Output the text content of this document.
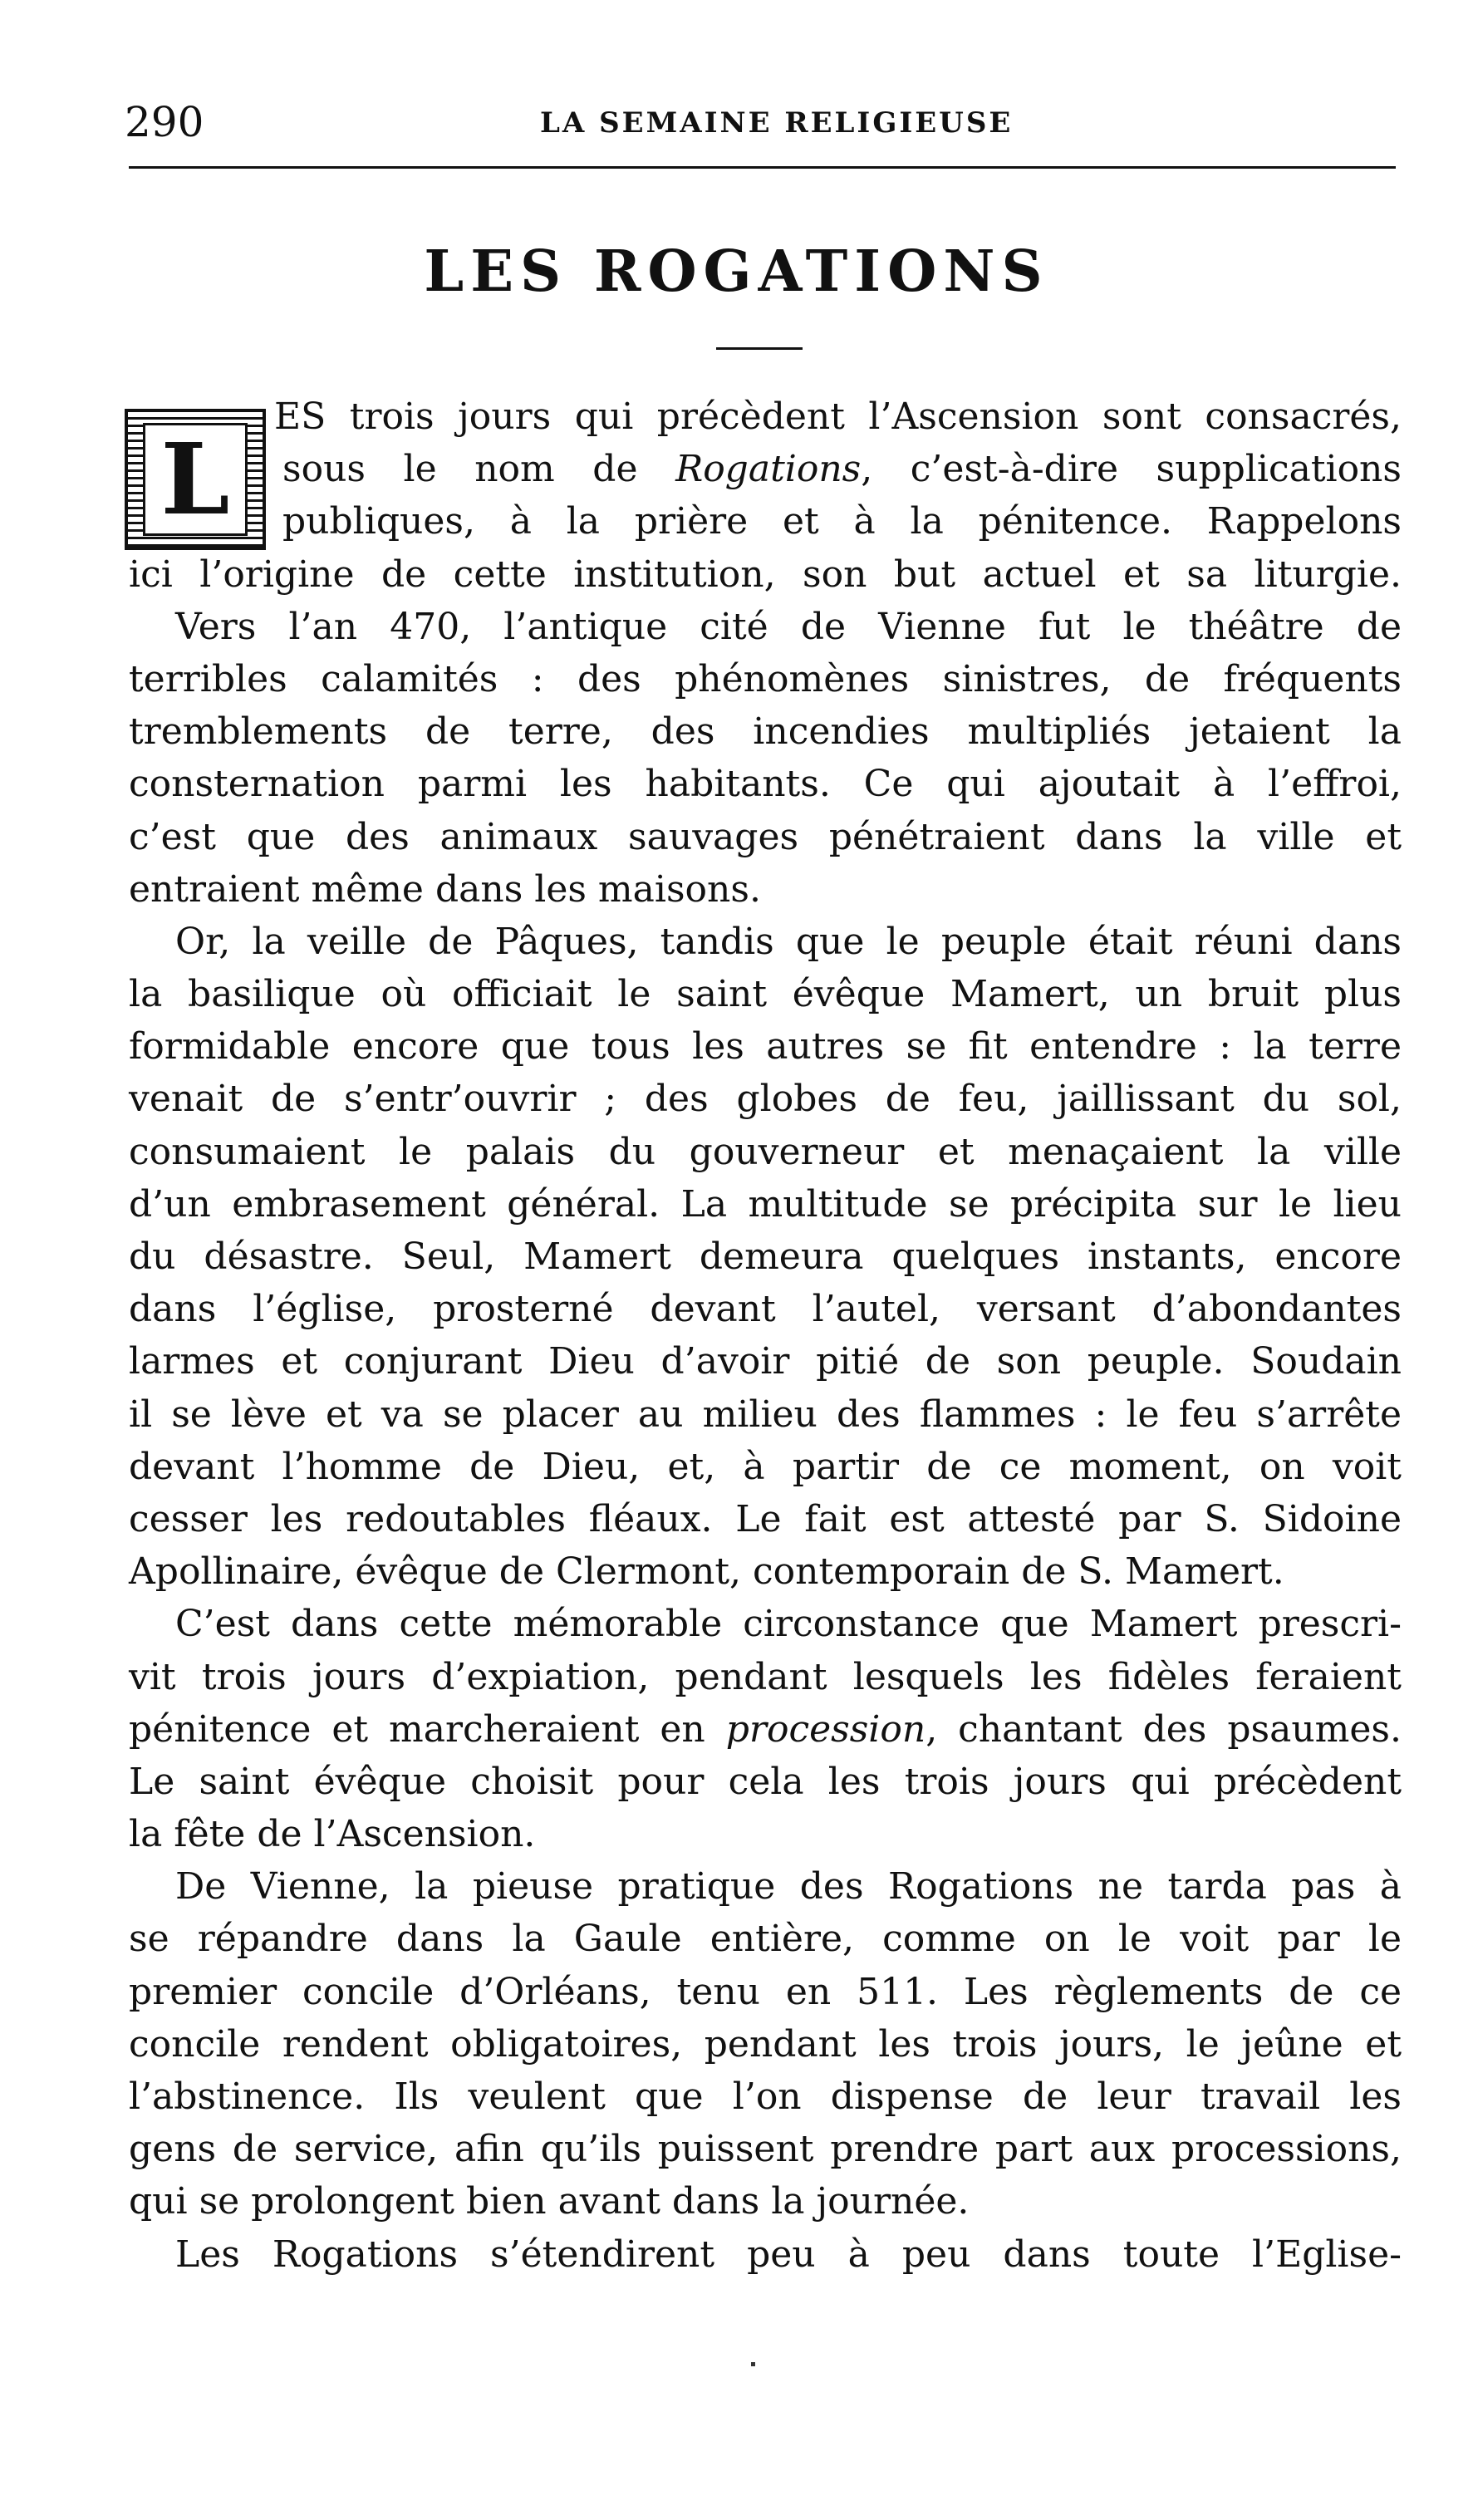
290	LA SEMAINE RELIGIEUSE
LES ROGATIONS
L
ES trois jours qui précèdent l’Ascension sont consacrés,
sous le nom de Rogations, c’est-à-dire supplications
publiques, à la prière et à la pénitence. Rappelons
ici l’origine de cette institution, son but actuel et sa liturgie.
Vers l’an 470, l’antique cité de Vienne fut le théâtre de
terribles calamités : des phénomènes sinistres, de fréquents
tremblements de terre, des incendies multipliés jetaient la
consternation parmi les habitants. Ce qui ajoutait à l’effroi,
c’est que des animaux sauvages pénétraient dans la ville et
entraient même dans les maisons.
Or, la veille de Pâques, tandis que le peuple était réuni dans
la basilique où officiait le saint évêque Mamert, un bruit plus
formidable encore que tous les autres se fit entendre : la terre
venait de s’entr’ouvrir ; des globes de feu, jaillissant du sol,
consumaient le palais du gouverneur et menaçaient la ville
d’un embrasement général. La multitude se précipita sur le lieu
du désastre. Seul, Mamert demeura quelques instants, encore
dans l’église, prosterné devant l’autel, versant d’abondantes
larmes et conjurant Dieu d’avoir pitié de son peuple. Soudain
il se lève et va se placer au milieu des flammes : le feu s’arrête
devant l’homme de Dieu, et, à partir de ce moment, on voit
cesser les redoutables fléaux. Le fait est attesté par S. Sidoine
Apollinaire, évêque de Clermont, contemporain de S. Mamert.
C’est dans cette mémorable circonstance que Mamert prescri-
vit trois jours d’expiation, pendant lesquels les fidèles feraient
pénitence et marcheraient en procession, chantant des psaumes.
Le saint évêque choisit pour cela les trois jours qui précèdent
la fête de l’Ascension.
De Vienne, la pieuse pratique des Rogations ne tarda pas à
se répandre dans la Gaule entière, comme on le voit par le
premier concile d’Orléans, tenu en 511. Les règlements de ce
concile rendent obligatoires, pendant les trois jours, le jeûne et
l’abstinence. Ils veulent que l’on dispense de leur travail les
gens de service, afin qu’ils puissent prendre part aux processions,
qui se prolongent bien avant dans la journée.
Les Rogations s’étendirent peu à peu dans toute l’Eglise-
